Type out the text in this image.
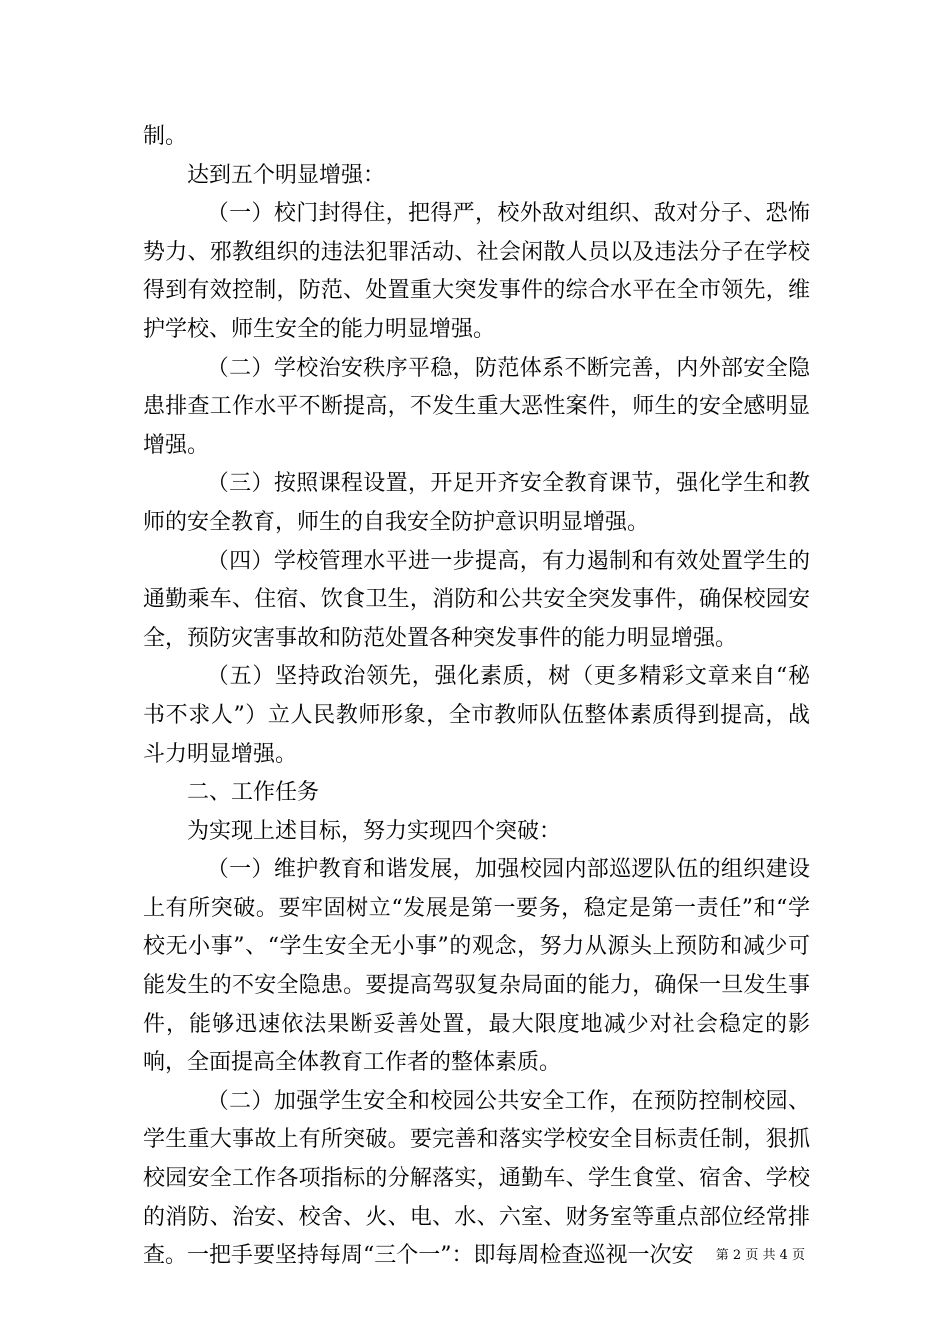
制。

达到五个明显增强：

（一）校门封得住，把得严，校外敌对组织、敌对分子、恐怖势力、邪教组织的违法犯罪活动、社会闲散人员以及违法分子在学校得到有效控制，防范、处置重大突发事件的综合水平在全市领先，维护学校、师生安全的能力明显增强。

（二）学校治安秩序平稳，防范体系不断完善，内外部安全隐患排查工作水平不断提高，不发生重大恶性案件，师生的安全感明显增强。

（三）按照课程设置，开足开齐安全教育课节，强化学生和教师的安全教育，师生的自我安全防护意识明显增强。

（四）学校管理水平进一步提高，有力遏制和有效处置学生的通勤乘车、住宿、饮食卫生，消防和公共安全突发事件，确保校园安全，预防灾害事故和防范处置各种突发事件的能力明显增强。

（五）坚持政治领先，强化素质，树（更多精彩文章来自“秘书不求人”）立人民教师形象，全市教师队伍整体素质得到提高，战斗力明显增强。

二、工作任务

为实现上述目标，努力实现四个突破：

（一）维护教育和谐发展，加强校园内部巡逻队伍的组织建设上有所突破。要牢固树立“发展是第一要务，稳定是第一责任”和“学校无小事”、“学生安全无小事”的观念，努力从源头上预防和减少可能发生的不安全隐患。要提高驾驭复杂局面的能力，确保一旦发生事件，能够迅速依法果断妥善处置，最大限度地减少对社会稳定的影响，全面提高全体教育工作者的整体素质。

（二）加强学生安全和校园公共安全工作，在预防控制校园、学生重大事故上有所突破。要完善和落实学校安全目标责任制，狠抓校园安全工作各项指标的分解落实，通勤车、学生食堂、宿舍、学校的消防、治安、校舍、火、电、水、六室、财务室等重点部位经常排查。一把手要坚持每周“三个一”：即每周检查巡视一次安	第 2 页 共 4 页
